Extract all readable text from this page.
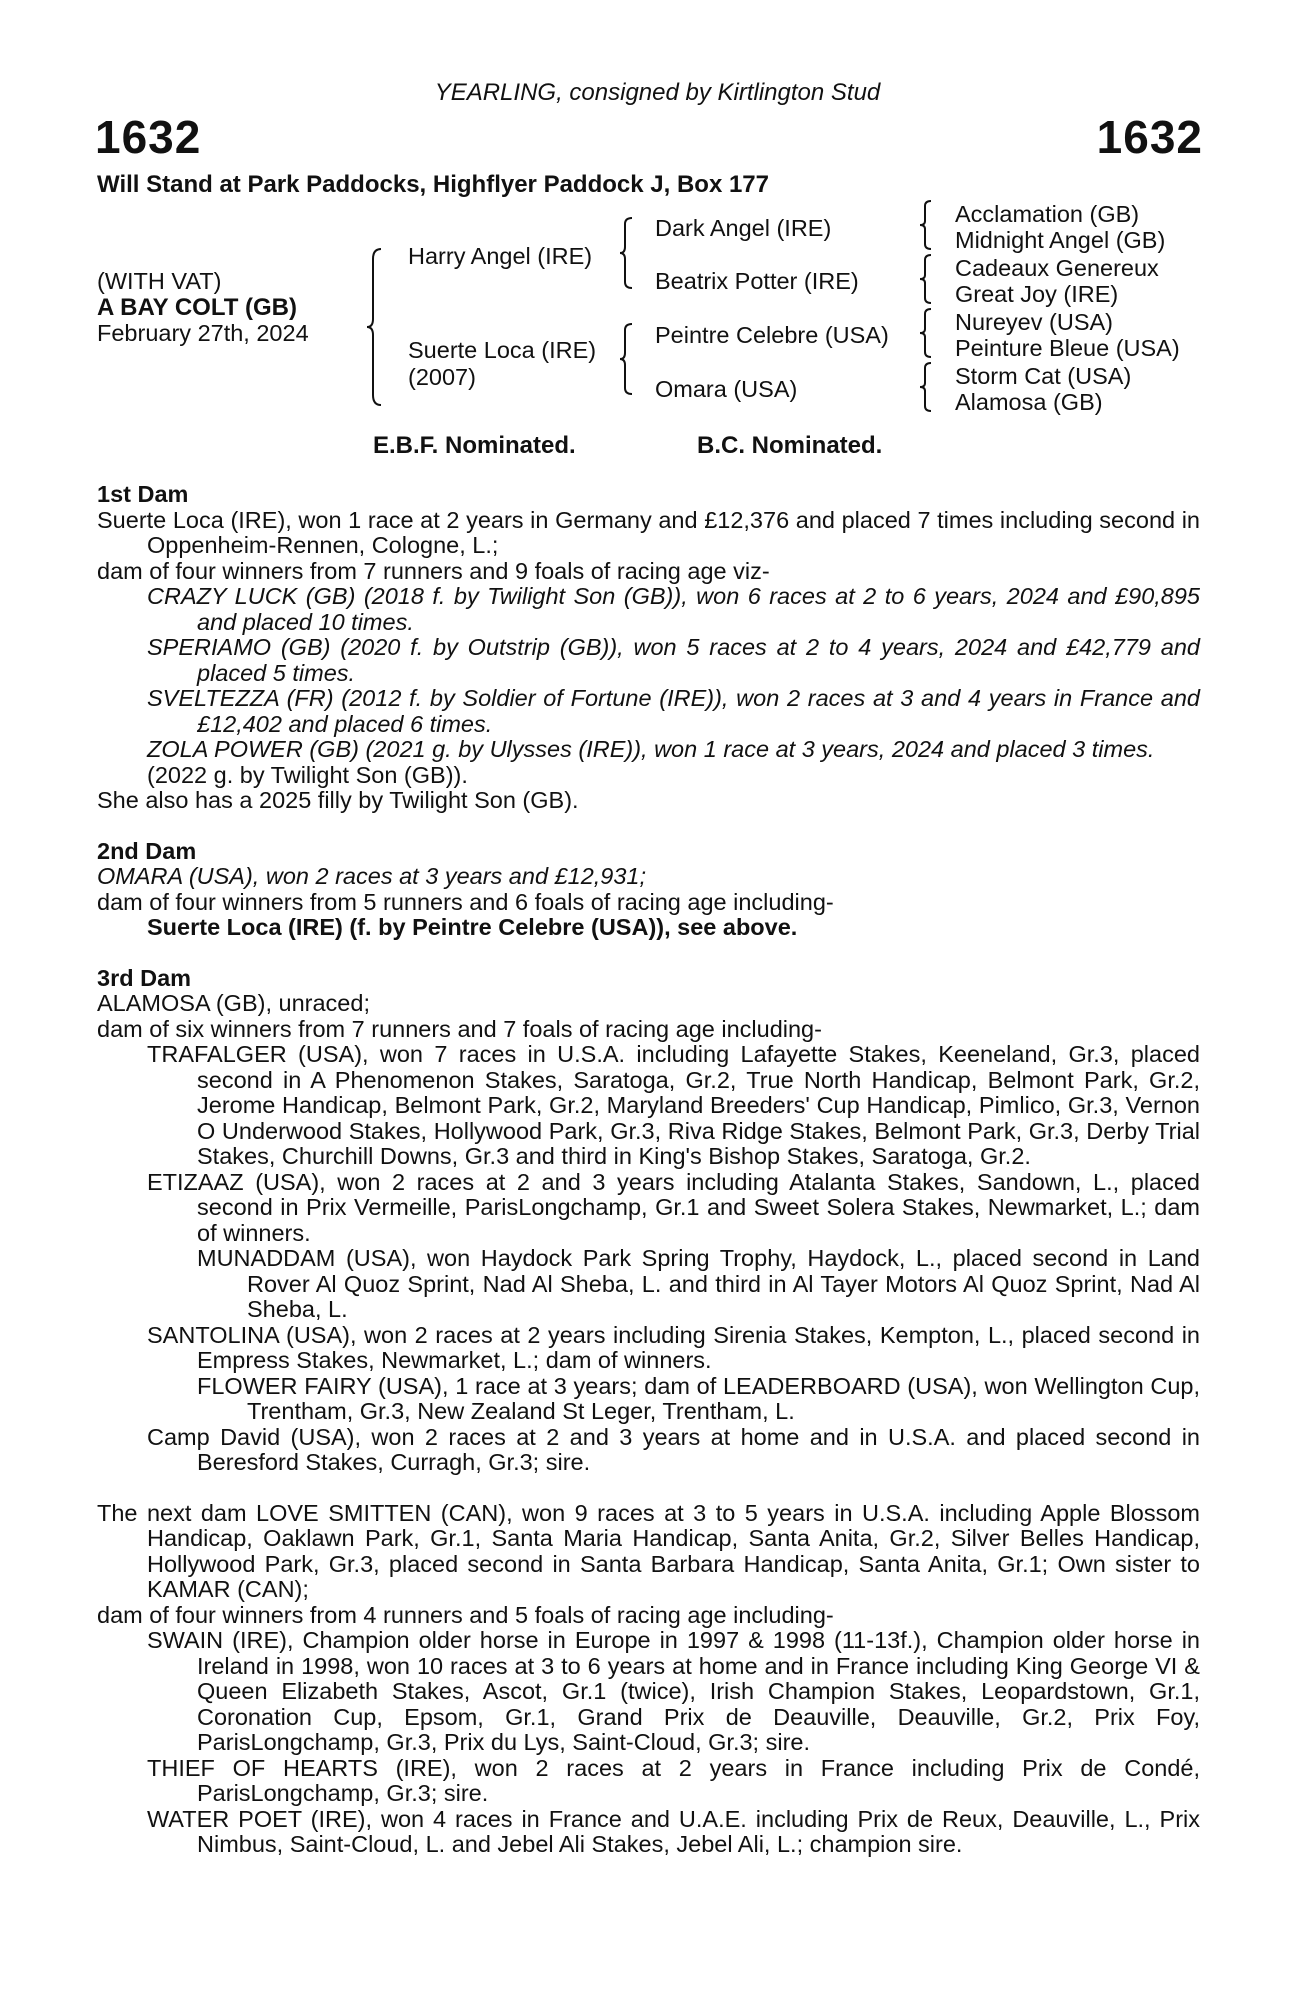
YEARLING, consigned by Kirtlington Stud
1632	1632
Will Stand at Park Paddocks, Highflyer Paddock J, Box 177
(WITH VAT)
A BAY COLT (GB)
February 27th, 2024
Harry Angel (IRE)
Suerte Loca (IRE)
(2007)
Dark Angel (IRE)
Beatrix Potter (IRE)
Peintre Celebre (USA)
Omara (USA)
Acclamation (GB)
Midnight Angel (GB)
Cadeaux Genereux
Great Joy (IRE)
Nureyev (USA)
Peinture Bleue (USA)
Storm Cat (USA)
Alamosa (GB)
E.B.F. Nominated.	B.C. Nominated.
1st Dam
Suerte Loca (IRE), won 1 race at 2 years in Germany and £12,376 and placed 7 times including second in Oppenheim-Rennen, Cologne, L.;
dam of four winners from 7 runners and 9 foals of racing age viz-
CRAZY LUCK (GB) (2018 f. by Twilight Son (GB)), won 6 races at 2 to 6 years, 2024 and £90,895 and placed 10 times.
SPERIAMO (GB) (2020 f. by Outstrip (GB)), won 5 races at 2 to 4 years, 2024 and £42,779 and placed 5 times.
SVELTEZZA (FR) (2012 f. by Soldier of Fortune (IRE)), won 2 races at 3 and 4 years in France and £12,402 and placed 6 times.
ZOLA POWER (GB) (2021 g. by Ulysses (IRE)), won 1 race at 3 years, 2024 and placed 3 times.
(2022 g. by Twilight Son (GB)).
She also has a 2025 filly by Twilight Son (GB).
2nd Dam
OMARA (USA), won 2 races at 3 years and £12,931;
dam of four winners from 5 runners and 6 foals of racing age including-
Suerte Loca (IRE) (f. by Peintre Celebre (USA)), see above.
3rd Dam
ALAMOSA (GB), unraced;
dam of six winners from 7 runners and 7 foals of racing age including-
TRAFALGER (USA), won 7 races in U.S.A. including Lafayette Stakes, Keeneland, Gr.3, placed second in A Phenomenon Stakes, Saratoga, Gr.2, True North Handicap, Belmont Park, Gr.2, Jerome Handicap, Belmont Park, Gr.2, Maryland Breeders' Cup Handicap, Pimlico, Gr.3, Vernon O Underwood Stakes, Hollywood Park, Gr.3, Riva Ridge Stakes, Belmont Park, Gr.3, Derby Trial Stakes, Churchill Downs, Gr.3 and third in King's Bishop Stakes, Saratoga, Gr.2.
ETIZAAZ (USA), won 2 races at 2 and 3 years including Atalanta Stakes, Sandown, L., placed second in Prix Vermeille, ParisLongchamp, Gr.1 and Sweet Solera Stakes, Newmarket, L.; dam of winners.
MUNADDAM (USA), won Haydock Park Spring Trophy, Haydock, L., placed second in Land Rover Al Quoz Sprint, Nad Al Sheba, L. and third in Al Tayer Motors Al Quoz Sprint, Nad Al Sheba, L.
SANTOLINA (USA), won 2 races at 2 years including Sirenia Stakes, Kempton, L., placed second in Empress Stakes, Newmarket, L.; dam of winners.
FLOWER FAIRY (USA), 1 race at 3 years; dam of LEADERBOARD (USA), won Wellington Cup, Trentham, Gr.3, New Zealand St Leger, Trentham, L.
Camp David (USA), won 2 races at 2 and 3 years at home and in U.S.A. and placed second in Beresford Stakes, Curragh, Gr.3; sire.
The next dam LOVE SMITTEN (CAN), won 9 races at 3 to 5 years in U.S.A. including Apple Blossom Handicap, Oaklawn Park, Gr.1, Santa Maria Handicap, Santa Anita, Gr.2, Silver Belles Handicap, Hollywood Park, Gr.3, placed second in Santa Barbara Handicap, Santa Anita, Gr.1; Own sister to KAMAR (CAN);
dam of four winners from 4 runners and 5 foals of racing age including-
SWAIN (IRE), Champion older horse in Europe in 1997 & 1998 (11-13f.), Champion older horse in Ireland in 1998, won 10 races at 3 to 6 years at home and in France including King George VI & Queen Elizabeth Stakes, Ascot, Gr.1 (twice), Irish Champion Stakes, Leopardstown, Gr.1, Coronation Cup, Epsom, Gr.1, Grand Prix de Deauville, Deauville, Gr.2, Prix Foy, ParisLongchamp, Gr.3, Prix du Lys, Saint-Cloud, Gr.3; sire.
THIEF OF HEARTS (IRE), won 2 races at 2 years in France including Prix de Condé, ParisLongchamp, Gr.3; sire.
WATER POET (IRE), won 4 races in France and U.A.E. including Prix de Reux, Deauville, L., Prix Nimbus, Saint-Cloud, L. and Jebel Ali Stakes, Jebel Ali, L.; champion sire.
